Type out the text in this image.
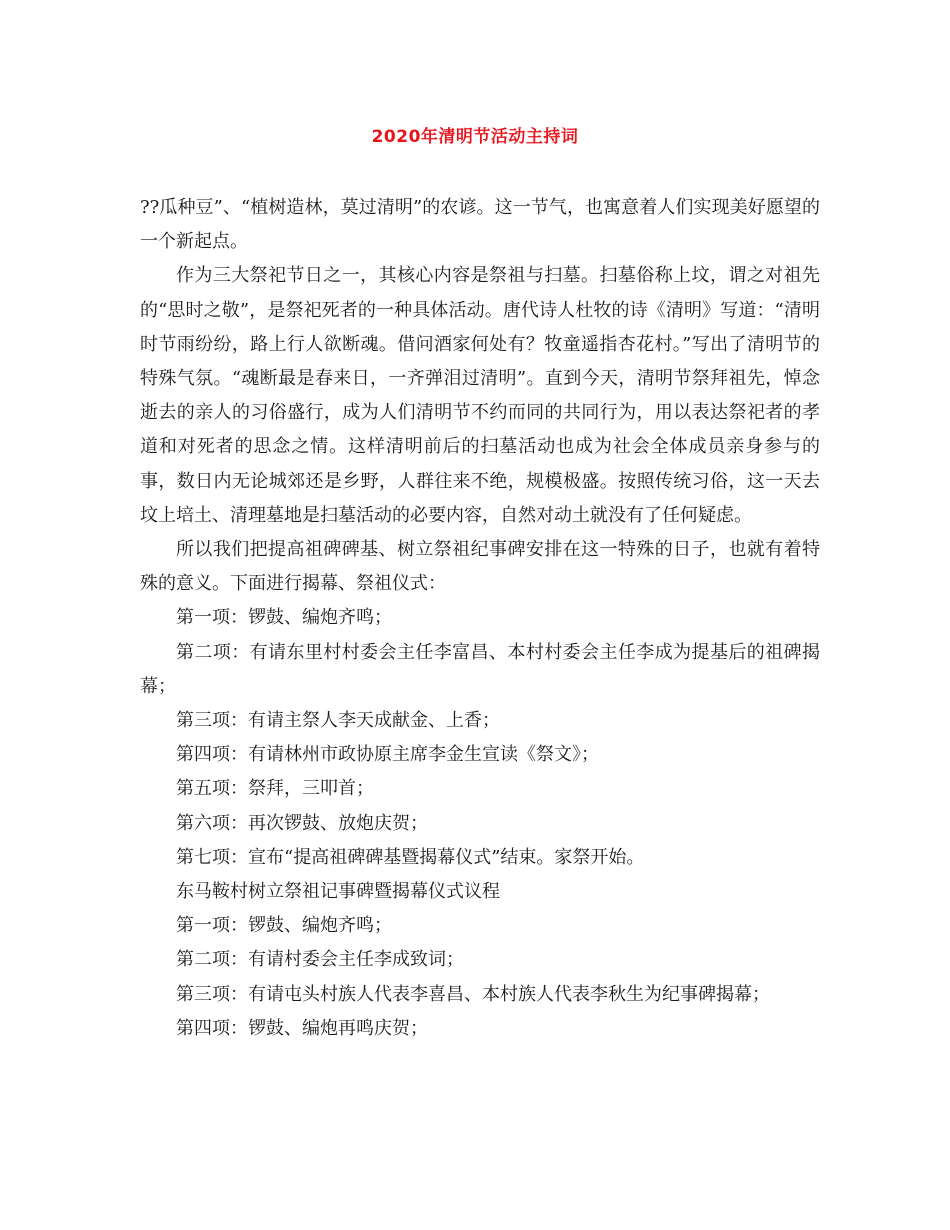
2020年清明节活动主持词

??瓜种豆”、“植树造林，莫过清明”的农谚。这一节气，也寓意着人们实现美好愿望的一个新起点。

作为三大祭祀节日之一，其核心内容是祭祖与扫墓。扫墓俗称上坟，谓之对祖先的“思时之敬”，是祭祀死者的一种具体活动。唐代诗人杜牧的诗《清明》写道：“清明时节雨纷纷，路上行人欲断魂。借问酒家何处有？牧童遥指杏花村。”写出了清明节的特殊气氛。“魂断最是春来日，一齐弹泪过清明”。直到今天，清明节祭拜祖先，悼念逝去的亲人的习俗盛行，成为人们清明节不约而同的共同行为，用以表达祭祀者的孝道和对死者的思念之情。这样清明前后的扫墓活动也成为社会全体成员亲身参与的事，数日内无论城郊还是乡野，人群往来不绝，规模极盛。按照传统习俗，这一天去坟上培土、清理墓地是扫墓活动的必要内容，自然对动土就没有了任何疑虑。

所以我们把提高祖碑碑基、树立祭祖纪事碑安排在这一特殊的日子，也就有着特殊的意义。下面进行揭幕、祭祖仪式：

第一项：锣鼓、编炮齐鸣；

第二项：有请东里村村委会主任李富昌、本村村委会主任李成为提基后的祖碑揭幕；

第三项：有请主祭人李天成献金、上香；

第四项：有请林州市政协原主席李金生宣读《祭文》；

第五项：祭拜，三叩首；

第六项：再次锣鼓、放炮庆贺；

第七项：宣布“提高祖碑碑基暨揭幕仪式”结束。家祭开始。

东马鞍村树立祭祖记事碑暨揭幕仪式议程

第一项：锣鼓、编炮齐鸣；

第二项：有请村委会主任李成致词；

第三项：有请屯头村族人代表李喜昌、本村族人代表李秋生为纪事碑揭幕；

第四项：锣鼓、编炮再鸣庆贺；
